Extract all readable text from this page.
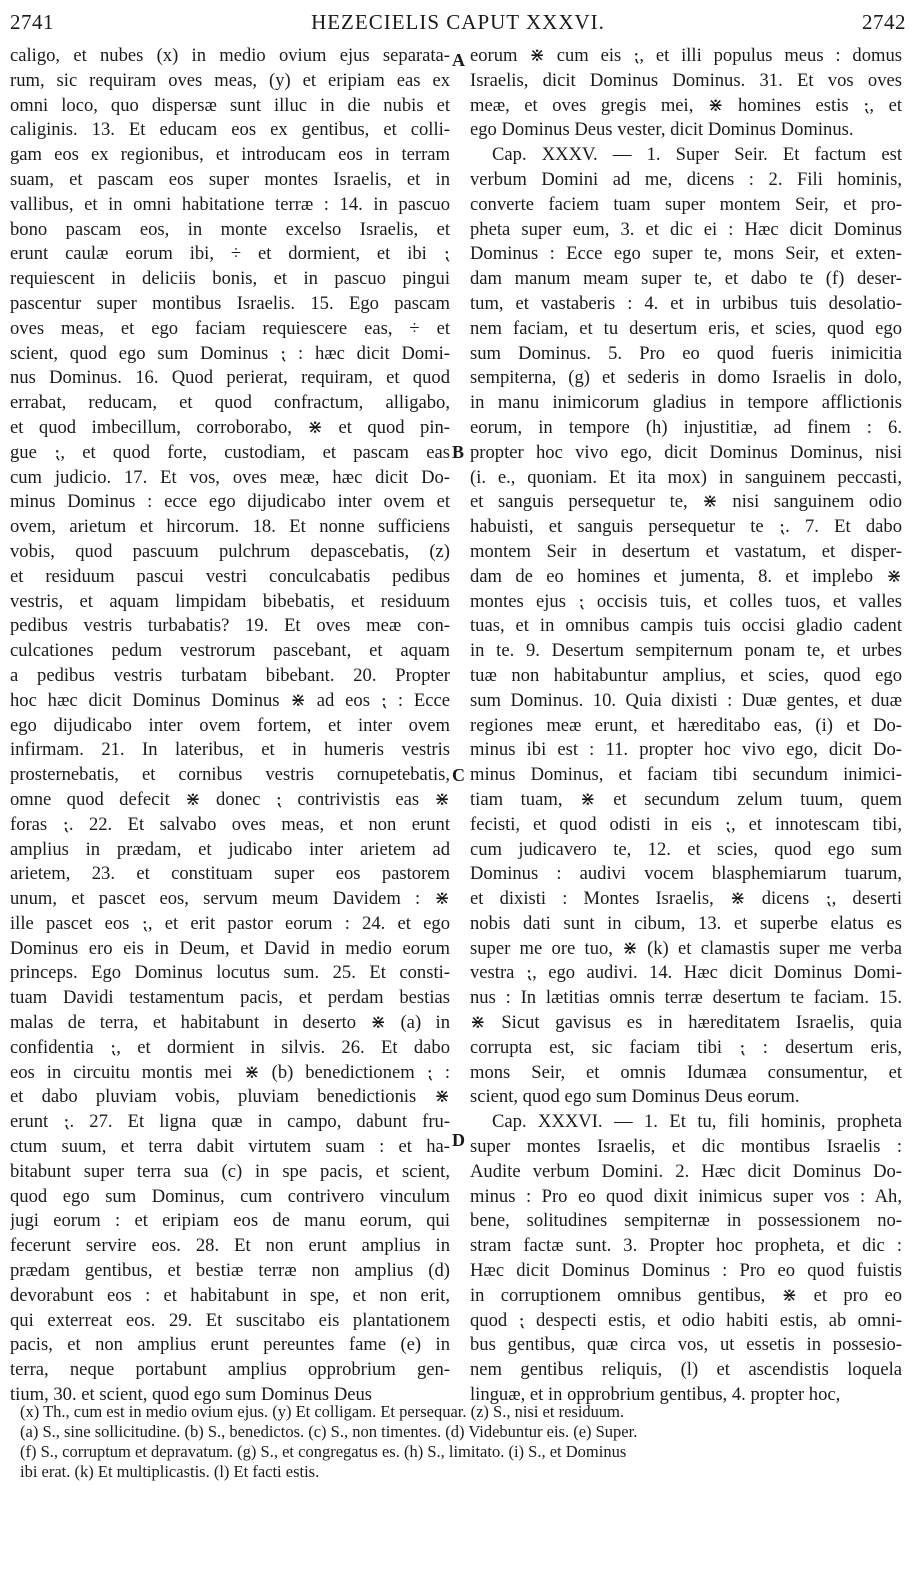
2741	HEZECIELIS CAPUT XXXVI.	2742
caligo, et nubes (x) in medio ovium ejus separata-
rum, sic requiram oves meas, (y) et eripiam eas ex
omni loco, quo dispersæ sunt illuc in die nubis et
caliginis. 13. Et educam eos ex gentibus, et colli-
gam eos ex regionibus, et introducam eos in terram
suam, et pascam eos super montes Israelis, et in
vallibus, et in omni habitatione terræ : 14. in pascuo
bono pascam eos, in monte excelso Israelis, et
erunt caulæ eorum ibi, ÷ et dormient, et ibi ⁏
requiescent in deliciis bonis, et in pascuo pingui
pascentur super montibus Israelis. 15. Ego pascam
oves meas, et ego faciam requiescere eas, ÷ et
scient, quod ego sum Dominus ⁏ : hæc dicit Domi-
nus Dominus. 16. Quod perierat, requiram, et quod
errabat, reducam, et quod confractum, alligabo,
et quod imbecillum, corroborabo, ⋇ et quod pin-
gue ⁏, et quod forte, custodiam, et pascam eas
cum judicio. 17. Et vos, oves meæ, hæc dicit Do-
minus Dominus : ecce ego dijudicabo inter ovem et
ovem, arietum et hircorum. 18. Et nonne sufficiens
vobis, quod pascuum pulchrum depascebatis, (z)
et residuum pascui vestri conculcabatis pedibus
vestris, et aquam limpidam bibebatis, et residuum
pedibus vestris turbabatis? 19. Et oves meæ con-
culcationes pedum vestrorum pascebant, et aquam
a pedibus vestris turbatam bibebant. 20. Propter
hoc hæc dicit Dominus Dominus ⋇ ad eos ⁏ : Ecce
ego dijudicabo inter ovem fortem, et inter ovem
infirmam. 21. In lateribus, et in humeris vestris
prosternebatis, et cornibus vestris cornupetebatis,
omne quod defecit ⋇ donec ⁏ contrivistis eas ⋇
foras ⁏. 22. Et salvabo oves meas, et non erunt
amplius in prædam, et judicabo inter arietem ad
arietem, 23. et constituam super eos pastorem
unum, et pascet eos, servum meum Davidem : ⋇
ille pascet eos ⁏, et erit pastor eorum : 24. et ego
Dominus ero eis in Deum, et David in medio eorum
princeps. Ego Dominus locutus sum. 25. Et consti-
tuam Davidi testamentum pacis, et perdam bestias
malas de terra, et habitabunt in deserto ⋇ (a) in
confidentia ⁏, et dormient in silvis. 26. Et dabo
eos in circuitu montis mei ⋇ (b) benedictionem ⁏ :
et dabo pluviam vobis, pluviam benedictionis ⋇
erunt ⁏. 27. Et ligna quæ in campo, dabunt fru-
ctum suum, et terra dabit virtutem suam : et ha-
bitabunt super terra sua (c) in spe pacis, et scient,
quod ego sum Dominus, cum contrivero vinculum
jugi eorum : et eripiam eos de manu eorum, qui
fecerunt servire eos. 28. Et non erunt amplius in
prædam gentibus, et bestiæ terræ non amplius (d)
devorabunt eos : et habitabunt in spe, et non erit,
qui exterreat eos. 29. Et suscitabo eis plantationem
pacis, et non amplius erunt pereuntes fame (e) in
terra, neque portabunt amplius opprobrium gen-
tium, 30. et scient, quod ego sum Dominus Deus
eorum ⋇ cum eis ⁏, et illi populus meus : domus
Israelis, dicit Dominus Dominus. 31. Et vos oves
meæ, et oves gregis mei, ⋇ homines estis ⁏, et
ego Dominus Deus vester, dicit Dominus Dominus.
Cap. XXXV. — 1. Super Seir. Et factum est
verbum Domini ad me, dicens : 2. Fili hominis,
converte faciem tuam super montem Seir, et pro-
pheta super eum, 3. et dic ei : Hæc dicit Dominus
Dominus : Ecce ego super te, mons Seir, et exten-
dam manum meam super te, et dabo te (f) deser-
tum, et vastaberis : 4. et in urbibus tuis desolatio-
nem faciam, et tu desertum eris, et scies, quod ego
sum Dominus. 5. Pro eo quod fueris inimicitia
sempiterna, (g) et sederis in domo Israelis in dolo,
in manu inimicorum gladius in tempore afflictionis
eorum, in tempore (h) injustitiæ, ad finem : 6.
propter hoc vivo ego, dicit Dominus Dominus, nisi
(i. e., quoniam. Et ita mox) in sanguinem peccasti,
et sanguis persequetur te, ⋇ nisi sanguinem odio
habuisti, et sanguis persequetur te ⁏. 7. Et dabo
montem Seir in desertum et vastatum, et disper-
dam de eo homines et jumenta, 8. et implebo ⋇
montes ejus ⁏ occisis tuis, et colles tuos, et valles
tuas, et in omnibus campis tuis occisi gladio cadent
in te. 9. Desertum sempiternum ponam te, et urbes
tuæ non habitabuntur amplius, et scies, quod ego
sum Dominus. 10. Quia dixisti : Duæ gentes, et duæ
regiones meæ erunt, et hæreditabo eas, (i) et Do-
minus ibi est : 11. propter hoc vivo ego, dicit Do-
minus Dominus, et faciam tibi secundum inimici-
tiam tuam, ⋇ et secundum zelum tuum, quem
fecisti, et quod odisti in eis ⁏, et innotescam tibi,
cum judicavero te, 12. et scies, quod ego sum
Dominus : audivi vocem blasphemiarum tuarum,
et dixisti : Montes Israelis, ⋇ dicens ⁏, deserti
nobis dati sunt in cibum, 13. et superbe elatus es
super me ore tuo, ⋇ (k) et clamastis super me verba
vestra ⁏, ego audivi. 14. Hæc dicit Dominus Domi-
nus : In lætitias omnis terræ desertum te faciam. 15.
⋇ Sicut gavisus es in hæreditatem Israelis, quia
corrupta est, sic faciam tibi ⁏ : desertum eris,
mons Seir, et omnis Idumæa consumentur, et
scient, quod ego sum Dominus Deus eorum.
Cap. XXXVI. — 1. Et tu, fili hominis, propheta
super montes Israelis, et dic montibus Israelis :
Audite verbum Domini. 2. Hæc dicit Dominus Do-
minus : Pro eo quod dixit inimicus super vos : Ah,
bene, solitudines sempiternæ in possessionem no-
stram factæ sunt. 3. Propter hoc propheta, et dic :
Hæc dicit Dominus Dominus : Pro eo quod fuistis
in corruptionem omnibus gentibus, ⋇ et pro eo
quod ⁏ despecti estis, et odio habiti estis, ab omni-
bus gentibus, quæ circa vos, ut essetis in possesio-
nem gentibus reliquis, (l) et ascendistis loquela
linguæ, et in opprobrium gentibus, 4. propter hoc,
A
B
C
D
(x) Th., cum est in medio ovium ejus. (y) Et colligam. Et persequar. (z) S., nisi et residuum.
(a) S., sine sollicitudine. (b) S., benedictos. (c) S., non timentes. (d) Videbuntur eis. (e) Super.
(f) S., corruptum et depravatum. (g) S., et congregatus es. (h) S., limitato. (i) S., et Dominus
ibi erat. (k) Et multiplicastis. (l) Et facti estis.
